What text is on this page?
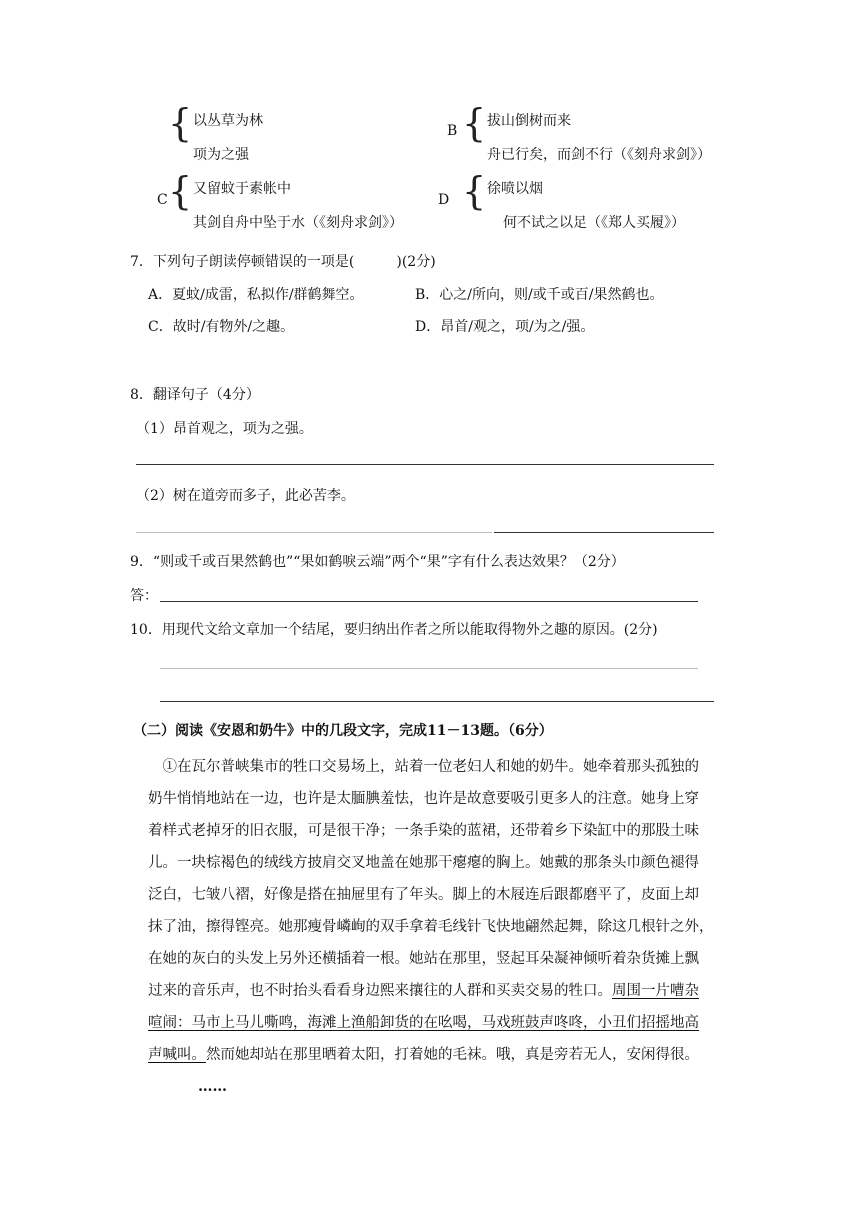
{ 以丛草为林
项为之强
B { 拔山倒树而来
舟已行矣，而剑不行（《刻舟求剑》）
C { 又留蚊于素帐中
其剑自舟中坠于水（《刻舟求剑》）
D { 徐喷以烟
何不试之以足（《郑人买履》）
7．下列句子朗读停顿错误的一项是(　　　)(2分)
A．夏蚊/成雷，私拟作/群鹤舞空。	B．心之/所向，则/或千或百/果然鹤也。
C．故时/有物外/之趣。	D．昂首/观之，项/为之/强。
8．翻译句子（4分）
（1）昂首观之，项为之强。
（2）树在道旁而多子，此必苦李。
9．“则或千或百果然鹤也”“果如鹤唳云端”两个“果”字有什么表达效果？（2分）
答：
10．用现代文给文章加一个结尾，要归纳出作者之所以能取得物外之趣的原因。(2分)
（二）阅读《安恩和奶牛》中的几段文字，完成11－13题。（6分）

　①在瓦尔普峡集市的牲口交易场上，站着一位老妇人和她的奶牛。她牵着那头孤独的

奶牛悄悄地站在一边，也许是太腼腆羞怯，也许是故意要吸引更多人的注意。她身上穿

着样式老掉牙的旧衣服，可是很干净；一条手染的蓝裙，还带着乡下染缸中的那股土味

儿。一块棕褐色的绒线方披肩交叉地盖在她那干瘪瘪的胸上。她戴的那条头巾颜色褪得

泛白，七皱八褶，好像是搭在抽屉里有了年头。脚上的木屐连后跟都磨平了，皮面上却

抹了油，擦得铿亮。她那瘦骨嶙峋的双手拿着毛线针飞快地翩然起舞，除这几根针之外，

在她的灰白的头发上另外还横插着一根。她站在那里，竖起耳朵凝神倾听着杂货摊上飘

过来的音乐声，也不时抬头看看身边熙来攘往的人群和买卖交易的牲口。周围一片嘈杂

喧闹：马市上马儿嘶鸣，海滩上渔船卸货的在吆喝，马戏班鼓声咚咚，小丑们招摇地高

声喊叫。然而她却站在那里晒着太阳，打着她的毛袜。哦，真是旁若无人，安闲得很。

……
